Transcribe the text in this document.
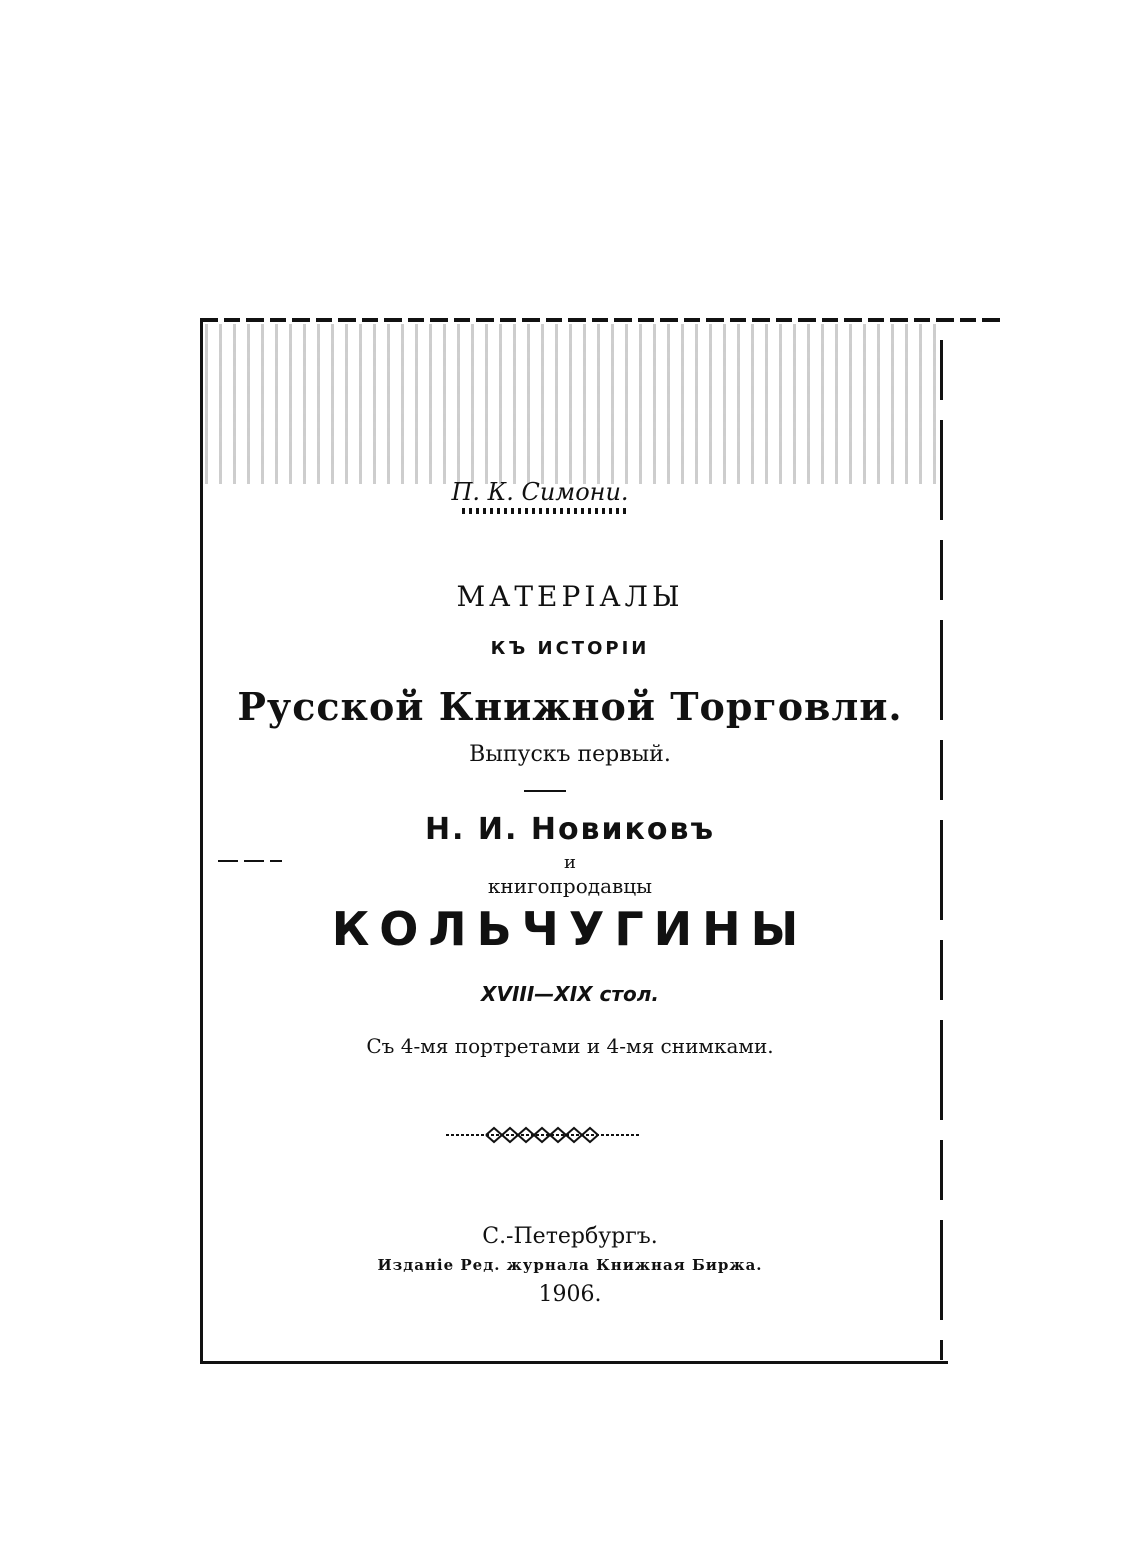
П. К. Симони.
МАТЕРІАЛЫ
КЪ ИСТОРІИ
Русской Книжной Торговли.
Выпускъ первый.
Н. И. Новиковъ
и
книгопродавцы
КОЛЬЧУГИНЫ
XVIII—XIX стол.
Съ 4-мя портретами и 4-мя снимками.
С.-Петербургъ.
Изданіе Ред. журнала Книжная Биржа.
1906.
